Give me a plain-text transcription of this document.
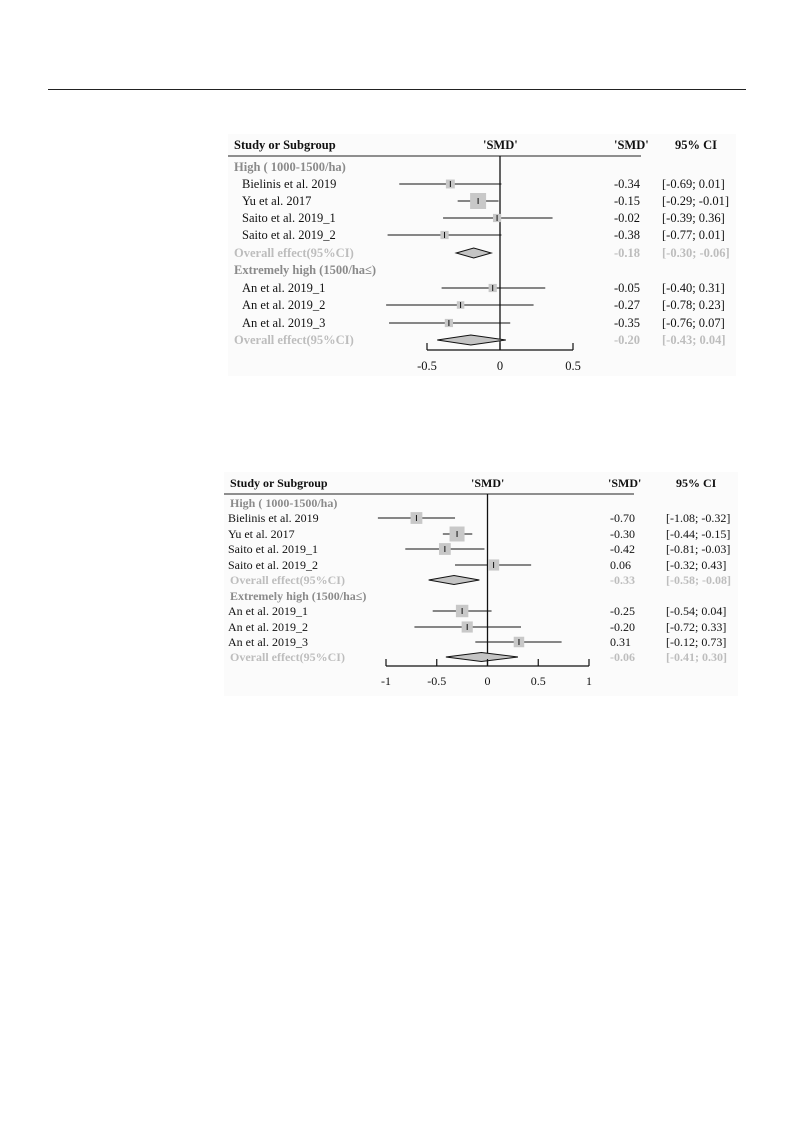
Study or Subgroup	'SMD'	'SMD' 95% CI
High ( 1000-1500/ha)
Bielinis et al. 2019	-0.34 [-0.69; 0.01]
Yu et al. 2017	-0.15 [-0.29; -0.01]
Saito et al. 2019_1	-0.02 [-0.39; 0.36]
Saito et al. 2019_2	-0.38 [-0.77; 0.01]
Overall effect(95%CI)	-0.18 [-0.30; -0.06]
Extremely high (1500/ha≤)
An et al. 2019_1	-0.05 [-0.40; 0.31]
An et al. 2019_2	-0.27 [-0.78; 0.23]
An et al. 2019_3	-0.35 [-0.76; 0.07]
Overall effect(95%CI)	-0.20 [-0.43; 0.04]
-0.5	0	0.5
Study or Subgroup	'SMD'	'SMD'	95% CI
High ( 1000-1500/ha)
Bielinis et al. 2019	-0.70	[-1.08; -0.32]
Yu et al. 2017	-0.30	[-0.44; -0.15]
Saito et al. 2019_1	-0.42	[-0.81; -0.03]
Saito et al. 2019_2	0.06	[-0.32; 0.43]
Overall effect(95%CI)	-0.33	[-0.58; -0.08]
Extremely high (1500/ha≤)
An et al. 2019_1	-0.25	[-0.54; 0.04]
An et al. 2019_2	-0.20	[-0.72; 0.33]
An et al. 2019_3	0.31	[-0.12; 0.73]
Overall effect(95%CI)	-0.06	[-0.41; 0.30]
-1	-0.5	0	0.5	1
